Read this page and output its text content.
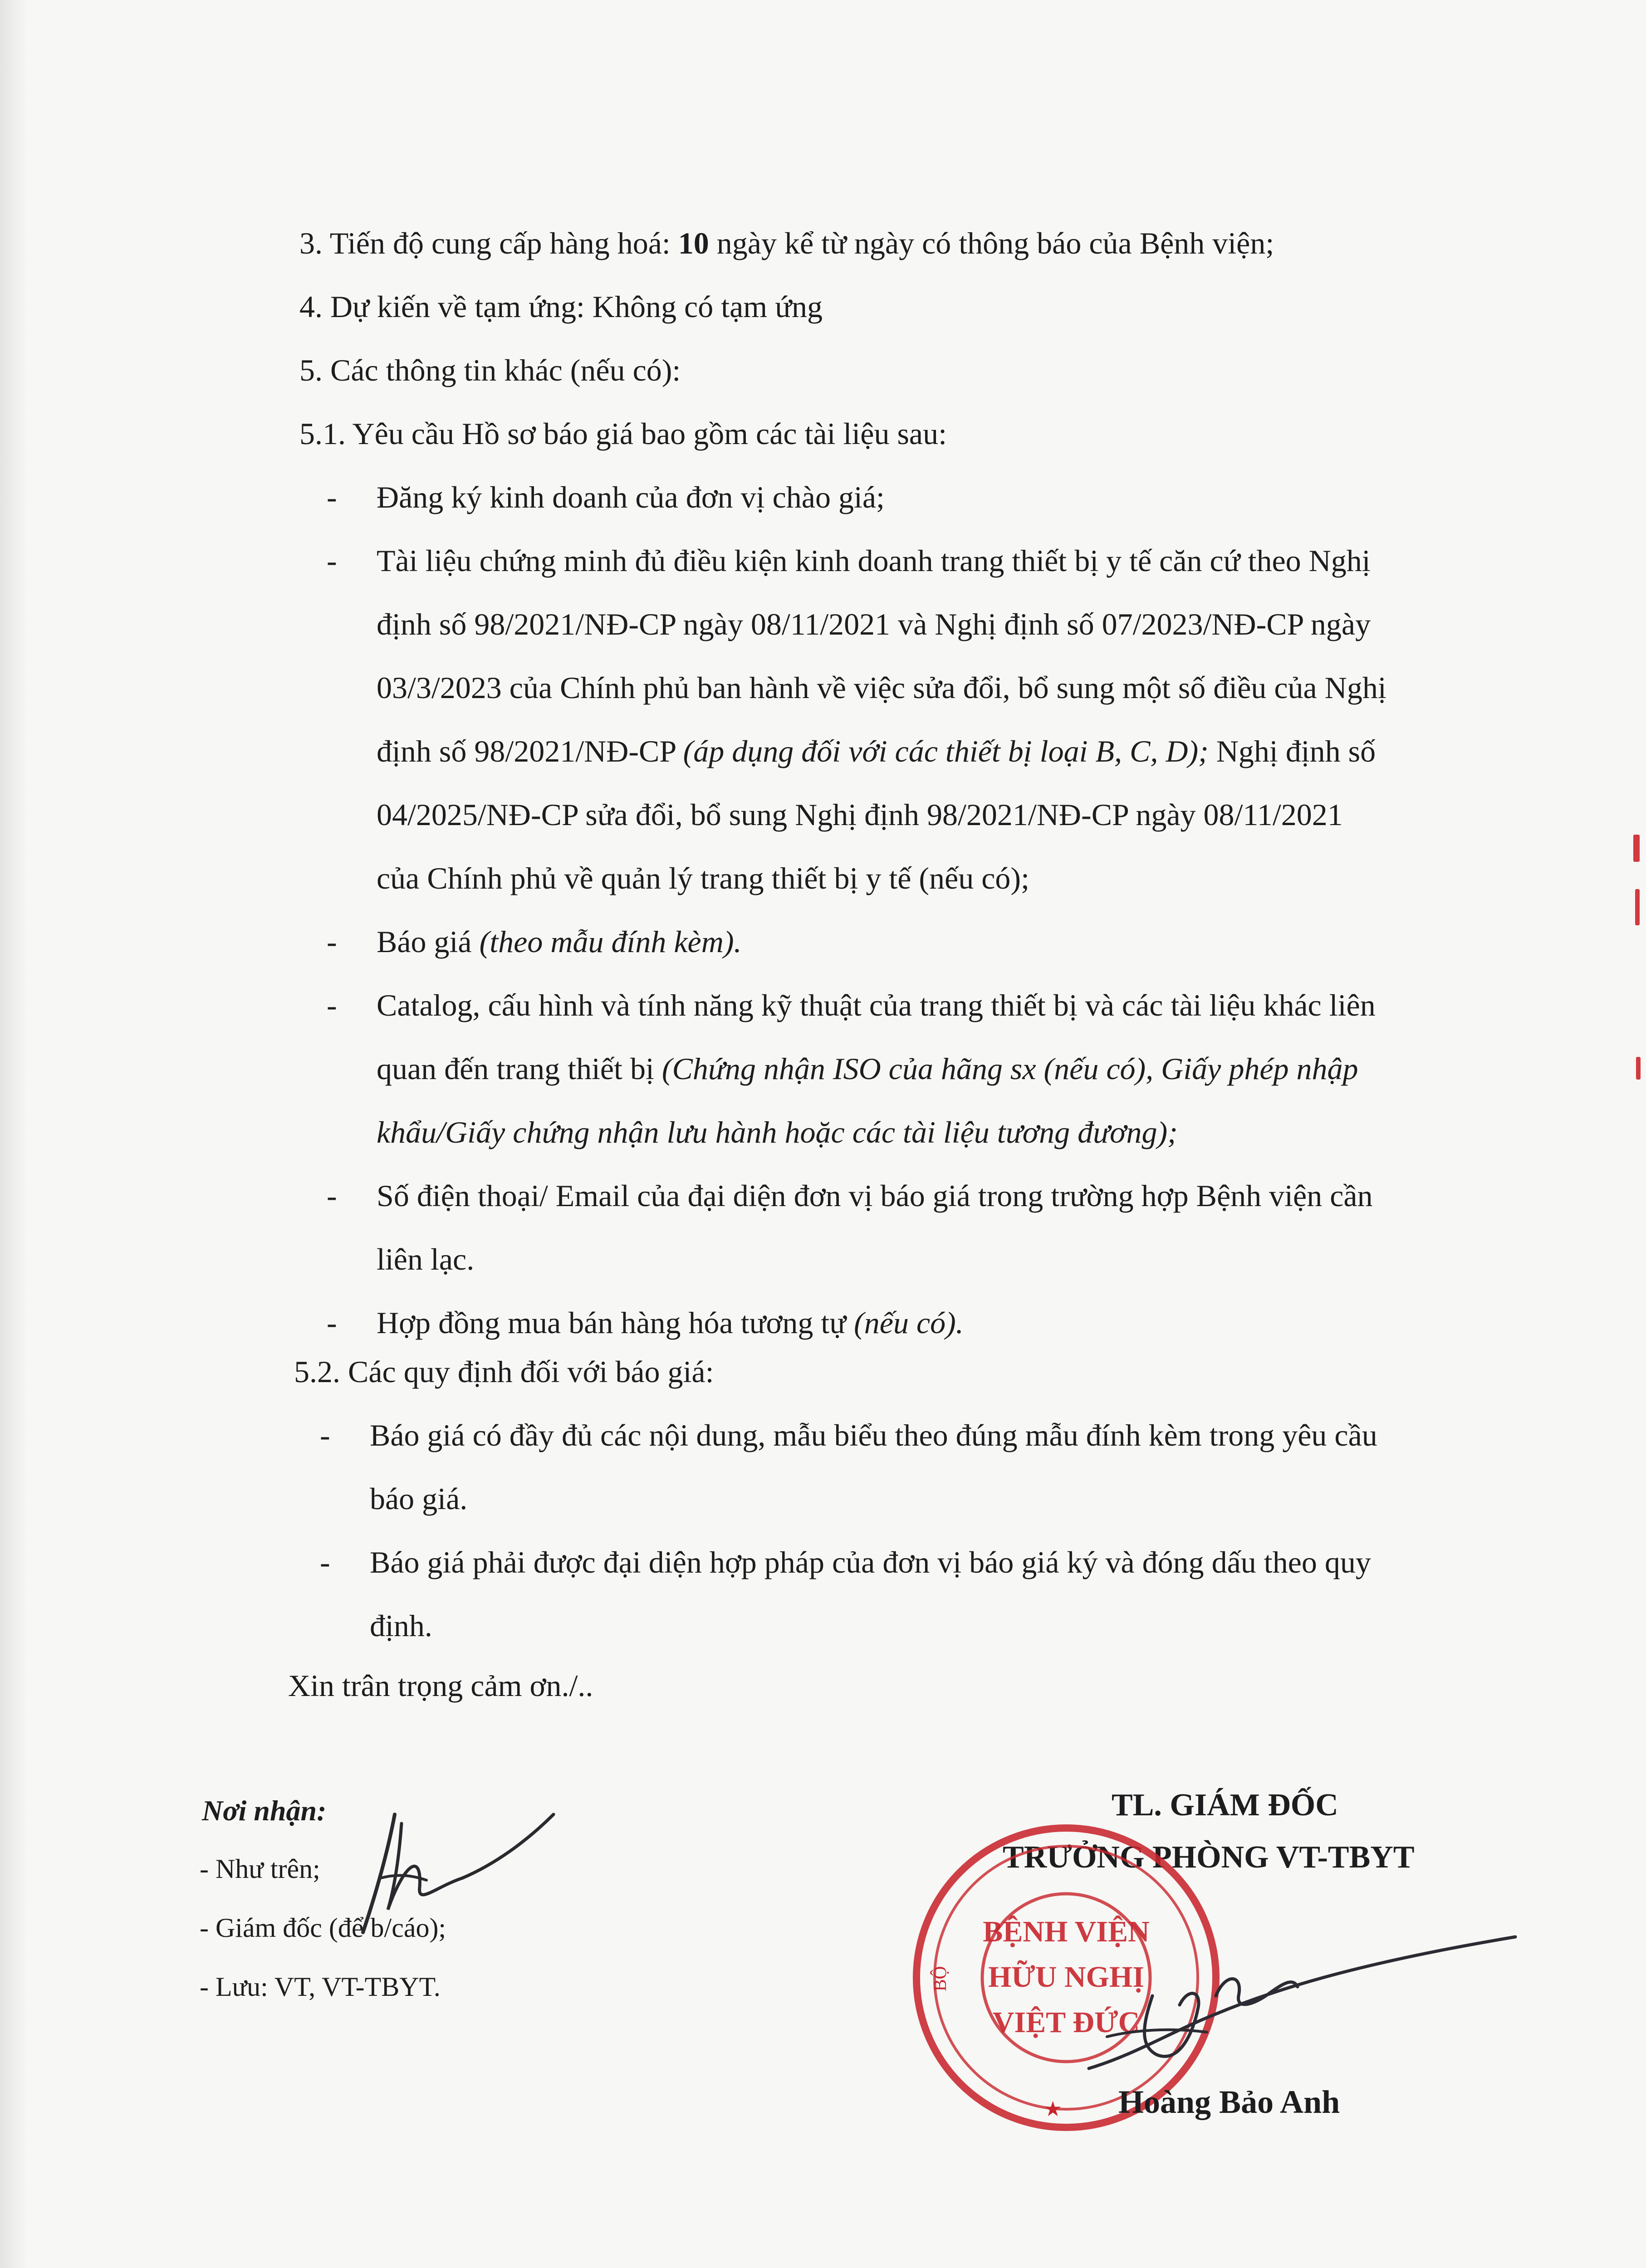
3. Tiến độ cung cấp hàng hoá: 10 ngày kể từ ngày có thông báo của Bệnh viện;
4. Dự kiến về tạm ứng: Không có tạm ứng
5. Các thông tin khác (nếu có):
5.1. Yêu cầu Hồ sơ báo giá bao gồm các tài liệu sau:
- Đăng ký kinh doanh của đơn vị chào giá;
- Tài liệu chứng minh đủ điều kiện kinh doanh trang thiết bị y tế căn cứ theo Nghị
định số 98/2021/NĐ-CP ngày 08/11/2021 và Nghị định số 07/2023/NĐ-CP ngày
03/3/2023 của Chính phủ ban hành về việc sửa đổi, bổ sung một số điều của Nghị
định số 98/2021/NĐ-CP (áp dụng đối với các thiết bị loại B, C, D); Nghị định số
04/2025/NĐ-CP sửa đổi, bổ sung Nghị định 98/2021/NĐ-CP ngày 08/11/2021
của Chính phủ về quản lý trang thiết bị y tế (nếu có);
- Báo giá (theo mẫu đính kèm).
- Catalog, cấu hình và tính năng kỹ thuật của trang thiết bị và các tài liệu khác liên
quan đến trang thiết bị (Chứng nhận ISO của hãng sx (nếu có), Giấy phép nhập
khẩu/Giấy chứng nhận lưu hành hoặc các tài liệu tương đương);
- Số điện thoại/ Email của đại diện đơn vị báo giá trong trường hợp Bệnh viện cần
liên lạc.
- Hợp đồng mua bán hàng hóa tương tự (nếu có).
5.2. Các quy định đối với báo giá:
- Báo giá có đầy đủ các nội dung, mẫu biểu theo đúng mẫu đính kèm trong yêu cầu
báo giá.
- Báo giá phải được đại diện hợp pháp của đơn vị báo giá ký và đóng dấu theo quy
định.
Xin trân trọng cảm ơn./..
Nơi nhận:
- Như trên;
- Giám đốc (để b/cáo);
- Lưu: VT, VT-TBYT.
TL. GIÁM ĐỐC
TRƯỞNG PHÒNG VT-TBYT
BỘ
★
BỆNH VIỆN
HỮU NGHỊ
VIỆT ĐỨC
Hoàng Bảo Anh
